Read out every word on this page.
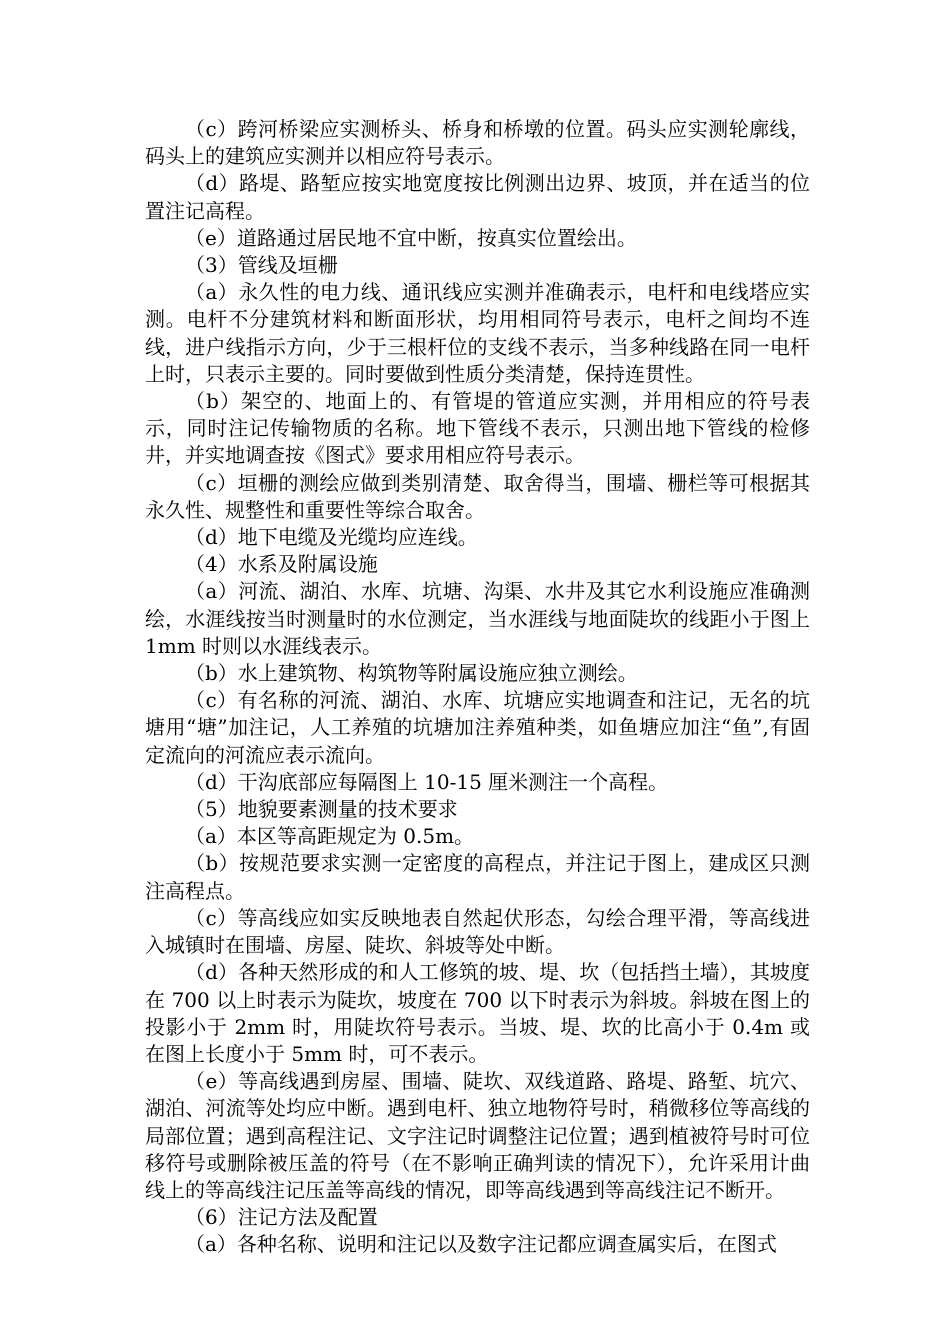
（c）跨河桥梁应实测桥头、桥身和桥墩的位置。码头应实测轮廓线，码头上的建筑应实测并以相应符号表示。

（d）路堤、路堑应按实地宽度按比例测出边界、坡顶，并在适当的位置注记高程。

（e）道路通过居民地不宜中断，按真实位置绘出。

（3）管线及垣栅

（a）永久性的电力线、通讯线应实测并准确表示，电杆和电线塔应实测。电杆不分建筑材料和断面形状，均用相同符号表示，电杆之间均不连线，进户线指示方向，少于三根杆位的支线不表示，当多种线路在同一电杆上时，只表示主要的。同时要做到性质分类清楚，保持连贯性。

（b）架空的、地面上的、有管堤的管道应实测，并用相应的符号表示，同时注记传输物质的名称。地下管线不表示，只测出地下管线的检修井，并实地调查按《图式》要求用相应符号表示。

（c）垣栅的测绘应做到类别清楚、取舍得当，围墙、栅栏等可根据其永久性、规整性和重要性等综合取舍。

（d）地下电缆及光缆均应连线。

（4）水系及附属设施

（a）河流、湖泊、水库、坑塘、沟渠、水井及其它水利设施应准确测绘，水涯线按当时测量时的水位测定，当水涯线与地面陡坎的线距小于图上 1mm 时则以水涯线表示。

（b）水上建筑物、构筑物等附属设施应独立测绘。

（c）有名称的河流、湖泊、水库、坑塘应实地调查和注记，无名的坑塘用“塘”加注记，人工养殖的坑塘加注养殖种类，如鱼塘应加注“鱼”,有固定流向的河流应表示流向。

（d）干沟底部应每隔图上 10-15 厘米测注一个高程。

（5）地貌要素测量的技术要求

（a）本区等高距规定为 0.5m。

（b）按规范要求实测一定密度的高程点，并注记于图上，建成区只测注高程点。

（c）等高线应如实反映地表自然起伏形态，勾绘合理平滑，等高线进入城镇时在围墙、房屋、陡坎、斜坡等处中断。

（d）各种天然形成的和人工修筑的坡、堤、坎（包括挡土墙），其坡度在 700 以上时表示为陡坎，坡度在 700 以下时表示为斜坡。斜坡在图上的投影小于 2mm 时，用陡坎符号表示。当坡、堤、坎的比高小于 0.4m 或在图上长度小于 5mm 时，可不表示。

（e）等高线遇到房屋、围墙、陡坎、双线道路、路堤、路堑、坑穴、湖泊、河流等处均应中断。遇到电杆、独立地物符号时，稍微移位等高线的局部位置；遇到高程注记、文字注记时调整注记位置；遇到植被符号时可位移符号或删除被压盖的符号（在不影响正确判读的情况下），允许采用计曲线上的等高线注记压盖等高线的情况，即等高线遇到等高线注记不断开。

（6）注记方法及配置

（a）各种名称、说明和注记以及数字注记都应调查属实后，在图式
